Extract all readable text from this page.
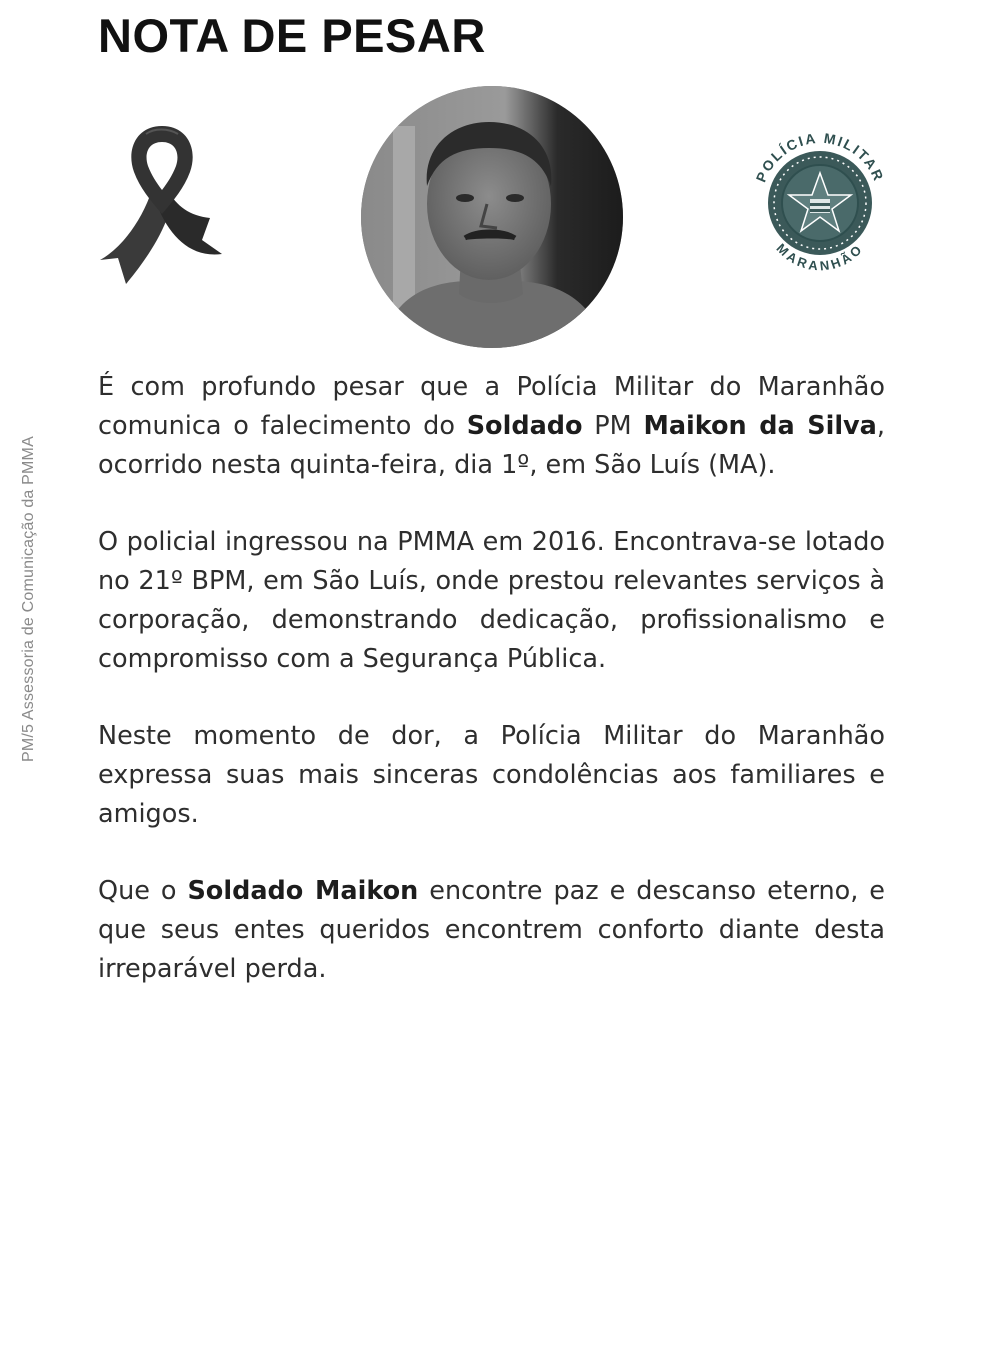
NOTA DE PESAR
POLÍCIA MILITAR
MARANHÃO

É com profundo pesar que a Polícia Militar do Maranhão comunica o falecimento do Soldado PM Maikon da Silva, ocorrido nesta quinta-feira, dia 1º, em São Luís (MA).

O policial ingressou na PMMA em 2016. Encontrava-se lotado no 21º BPM, em São Luís, onde prestou relevantes serviços à corporação, demonstrando dedicação, profissionalismo e compromisso com a Segurança Pública.

Neste momento de dor, a Polícia Militar do Maranhão expressa suas mais sinceras condolências aos familiares e amigos.

Que o Soldado Maikon encontre paz e descanso eterno, e que seus entes queridos encontrem conforto diante desta irreparável perda.

PM/5 Assessoria de Comunicação da PMMA
